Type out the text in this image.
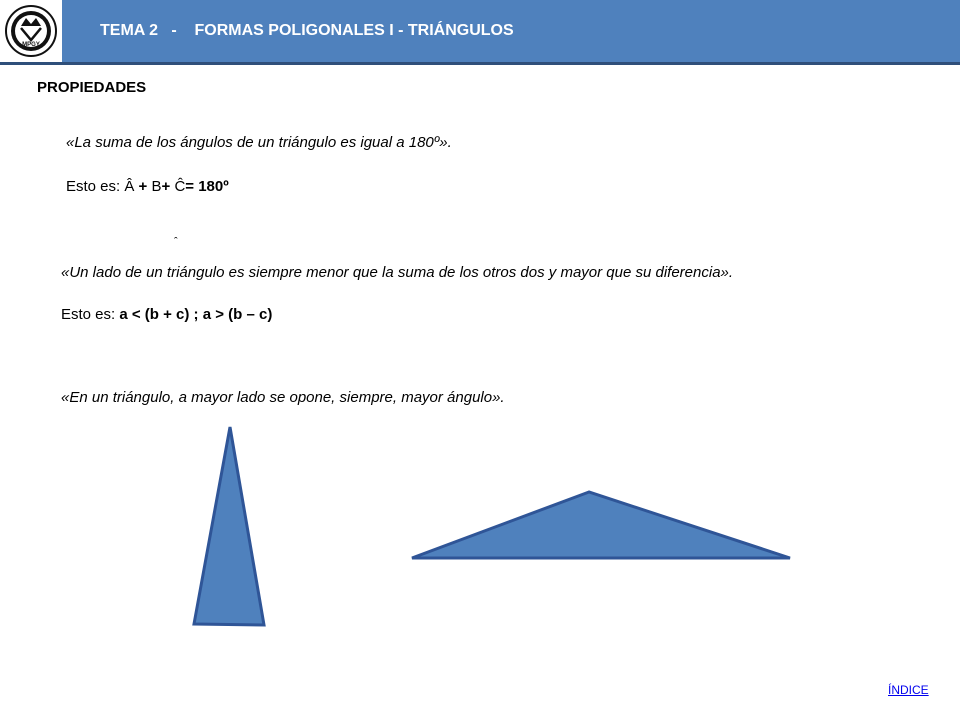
MPGY
TEMA 2   -    FORMAS POLIGONALES I - TRIÁNGULOS
PROPIEDADES
«La suma de los ángulos de un triángulo es igual a 180º».
Esto es: Â + B+ Ĉ= 180º
ˆ
«Un lado de un triángulo es siempre menor que la suma de los otros dos y mayor que su diferencia».
Esto es: a < (b + c) ; a > (b – c)
«En un triángulo, a mayor lado se opone, siempre, mayor ángulo».
ÍNDICE
